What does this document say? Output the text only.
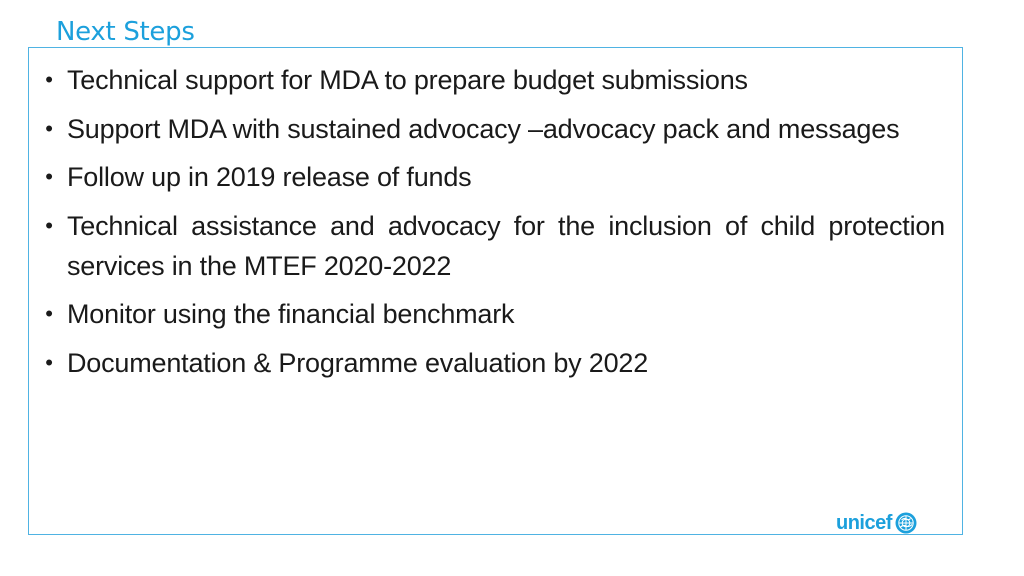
Next Steps
• Technical support for MDA to prepare budget submissions
• Support MDA with sustained advocacy –advocacy pack and messages
• Follow up in 2019 release of funds
• Technical assistance and advocacy for the inclusion of child protection services in the MTEF 2020-2022
• Monitor using the financial benchmark
• Documentation & Programme evaluation by 2022
unicef
